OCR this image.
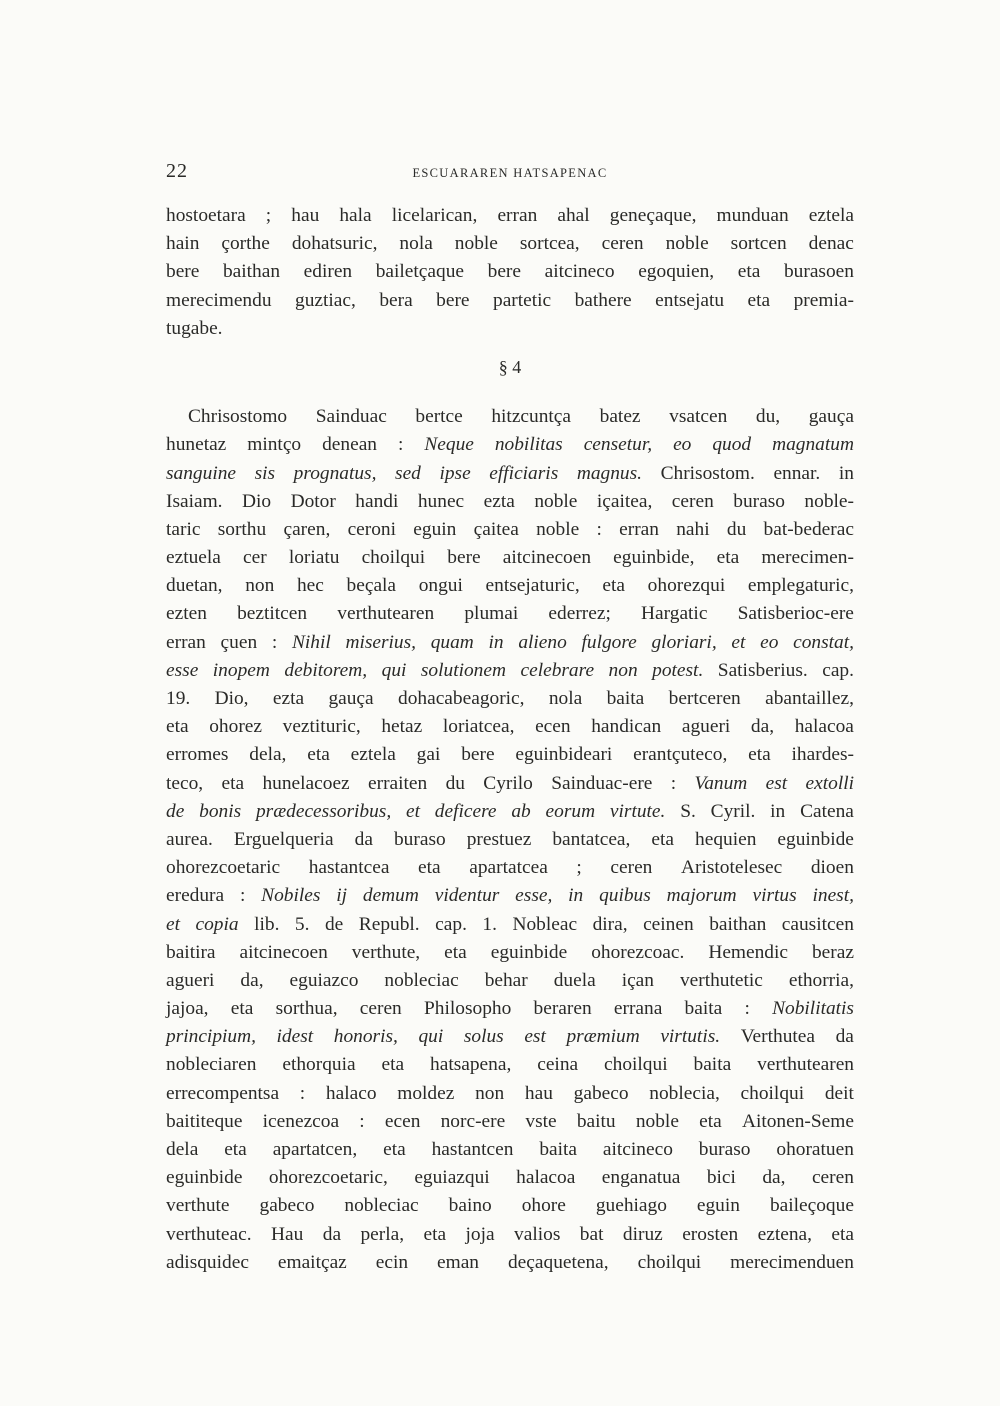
22	ESCUARAREN HATSAPENAC
hostoetara ; hau hala licelarican, erran ahal geneçaque, munduan eztela
hain çorthe dohatsuric, nola noble sortcea, ceren noble sortcen denac
bere baithan ediren bailetçaque bere aitcineco egoquien, eta burasoen
merecimendu guztiac, bera bere partetic bathere entsejatu eta premia-
tugabe.
§ 4
Chrisostomo Sainduac bertce hitzcuntça batez vsatcen du, gauça
hunetaz mintço denean : Neque nobilitas censetur, eo quod magnatum
sanguine sis prognatus, sed ipse efficiaris magnus. Chrisostom. ennar. in
Isaiam. Dio Dotor handi hunec ezta noble içaitea, ceren buraso noble-
taric sorthu çaren, ceroni eguin çaitea noble : erran nahi du bat-bederac
eztuela cer loriatu choilqui bere aitcinecoen eguinbide, eta merecimen-
duetan, non hec beçala ongui entsejaturic, eta ohorezqui emplegaturic,
ezten beztitcen verthutearen plumai ederrez; Hargatic Satisberioc-ere
erran çuen : Nihil miserius, quam in alieno fulgore gloriari, et eo constat,
esse inopem debitorem, qui solutionem celebrare non potest. Satisberius. cap.
19. Dio, ezta gauça dohacabeagoric, nola baita bertceren abantaillez,
eta ohorez veztituric, hetaz loriatcea, ecen handican agueri da, halacoa
erromes dela, eta eztela gai bere eguinbideari erantçuteco, eta ihardes-
teco, eta hunelacoez erraiten du Cyrilo Sainduac-ere : Vanum est extolli
de bonis prædecessoribus, et deficere ab eorum virtute. S. Cyril. in Catena
aurea. Erguelqueria da buraso prestuez bantatcea, eta hequien eguinbide
ohorezcoetaric hastantcea eta apartatcea ; ceren Aristotelesec dioen
eredura : Nobiles ij demum videntur esse, in quibus majorum virtus inest,
et copia lib. 5. de Republ. cap. 1. Nobleac dira, ceinen baithan causitcen
baitira aitcinecoen verthute, eta eguinbide ohorezcoac. Hemendic beraz
agueri da, eguiazco nobleciac behar duela içan verthutetic ethorria,
jajoa, eta sorthua, ceren Philosopho beraren errana baita : Nobilitatis
principium, idest honoris, qui solus est præmium virtutis. Verthutea da
nobleciaren ethorquia eta hatsapena, ceina choilqui baita verthutearen
errecompentsa : halaco moldez non hau gabeco noblecia, choilqui deit
baititeque icenezcoa : ecen norc-ere vste baitu noble eta Aitonen-Seme
dela eta apartatcen, eta hastantcen baita aitcineco buraso ohoratuen
eguinbide ohorezcoetaric, eguiazqui halacoa enganatua bici da, ceren
verthute gabeco nobleciac baino ohore guehiago eguin baileçoque
verthuteac. Hau da perla, eta joja valios bat diruz erosten eztena, eta
adisquidec emaitçaz ecin eman deçaquetena, choilqui merecimenduen
